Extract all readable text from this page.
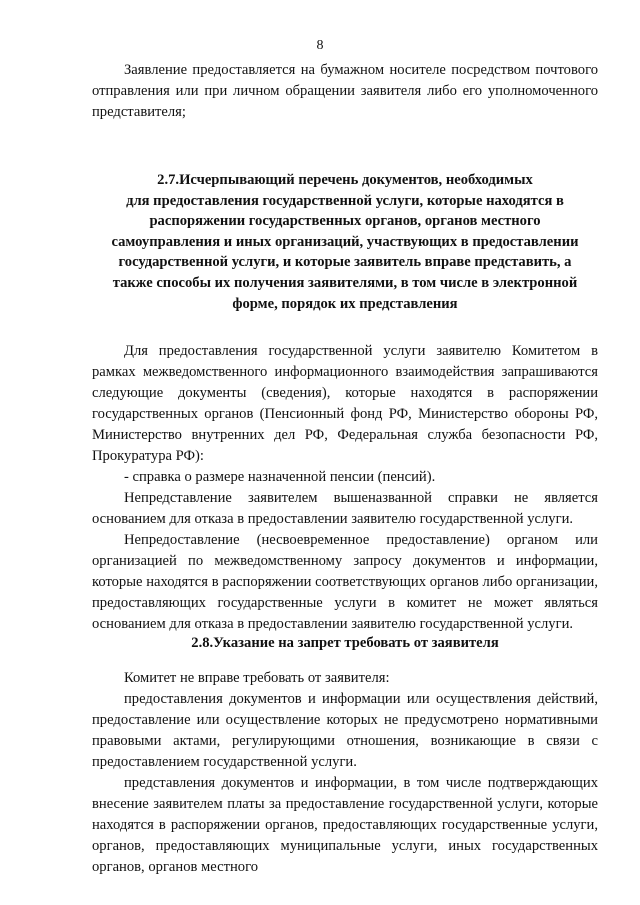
8

Заявление предоставляется на бумажном носителе посредством почтового отправления или при личном обращении заявителя либо его уполномоченного представителя;

2.7.Исчерпывающий перечень документов, необходимых

для предоставления государственной услуги, которые находятся в

распоряжении государственных органов, органов местного

самоуправления и иных организаций, участвующих в предоставлении

государственной услуги, и которые заявитель вправе представить, а

также способы их получения заявителями, в том числе в электронной

форме, порядок их представления

Для предоставления государственной услуги заявителю Комитетом в рамках межведомственного информационного взаимодействия запрашиваются следующие документы (сведения), которые находятся в распоряжении государственных органов (Пенсионный фонд РФ, Министерство обороны РФ, Министерство внутренних дел РФ, Федеральная служба безопасности РФ, Прокуратура РФ):

- справка о размере назначенной пенсии (пенсий).

Непредставление заявителем вышеназванной справки не является основанием для отказа в предоставлении заявителю государственной услуги.

Непредоставление (несвоевременное предоставление) органом или организацией по межведомственному запросу документов и информации, которые находятся в распоряжении соответствующих органов либо организации, предоставляющих государственные услуги в комитет не может являться основанием для отказа в предоставлении заявителю государственной услуги.

2.8.Указание на запрет требовать от заявителя

Комитет не вправе требовать от заявителя:

предоставления документов и информации или осуществления действий, предоставление или осуществление которых не предусмотрено нормативными правовыми актами, регулирующими отношения, возникающие в связи с предоставлением государственной услуги.

представления документов и информации, в том числе подтверждающих внесение заявителем платы за предоставление государственной услуги, которые находятся в распоряжении органов, предоставляющих государственные услуги, органов, предоставляющих муниципальные услуги, иных государственных органов, органов местного
